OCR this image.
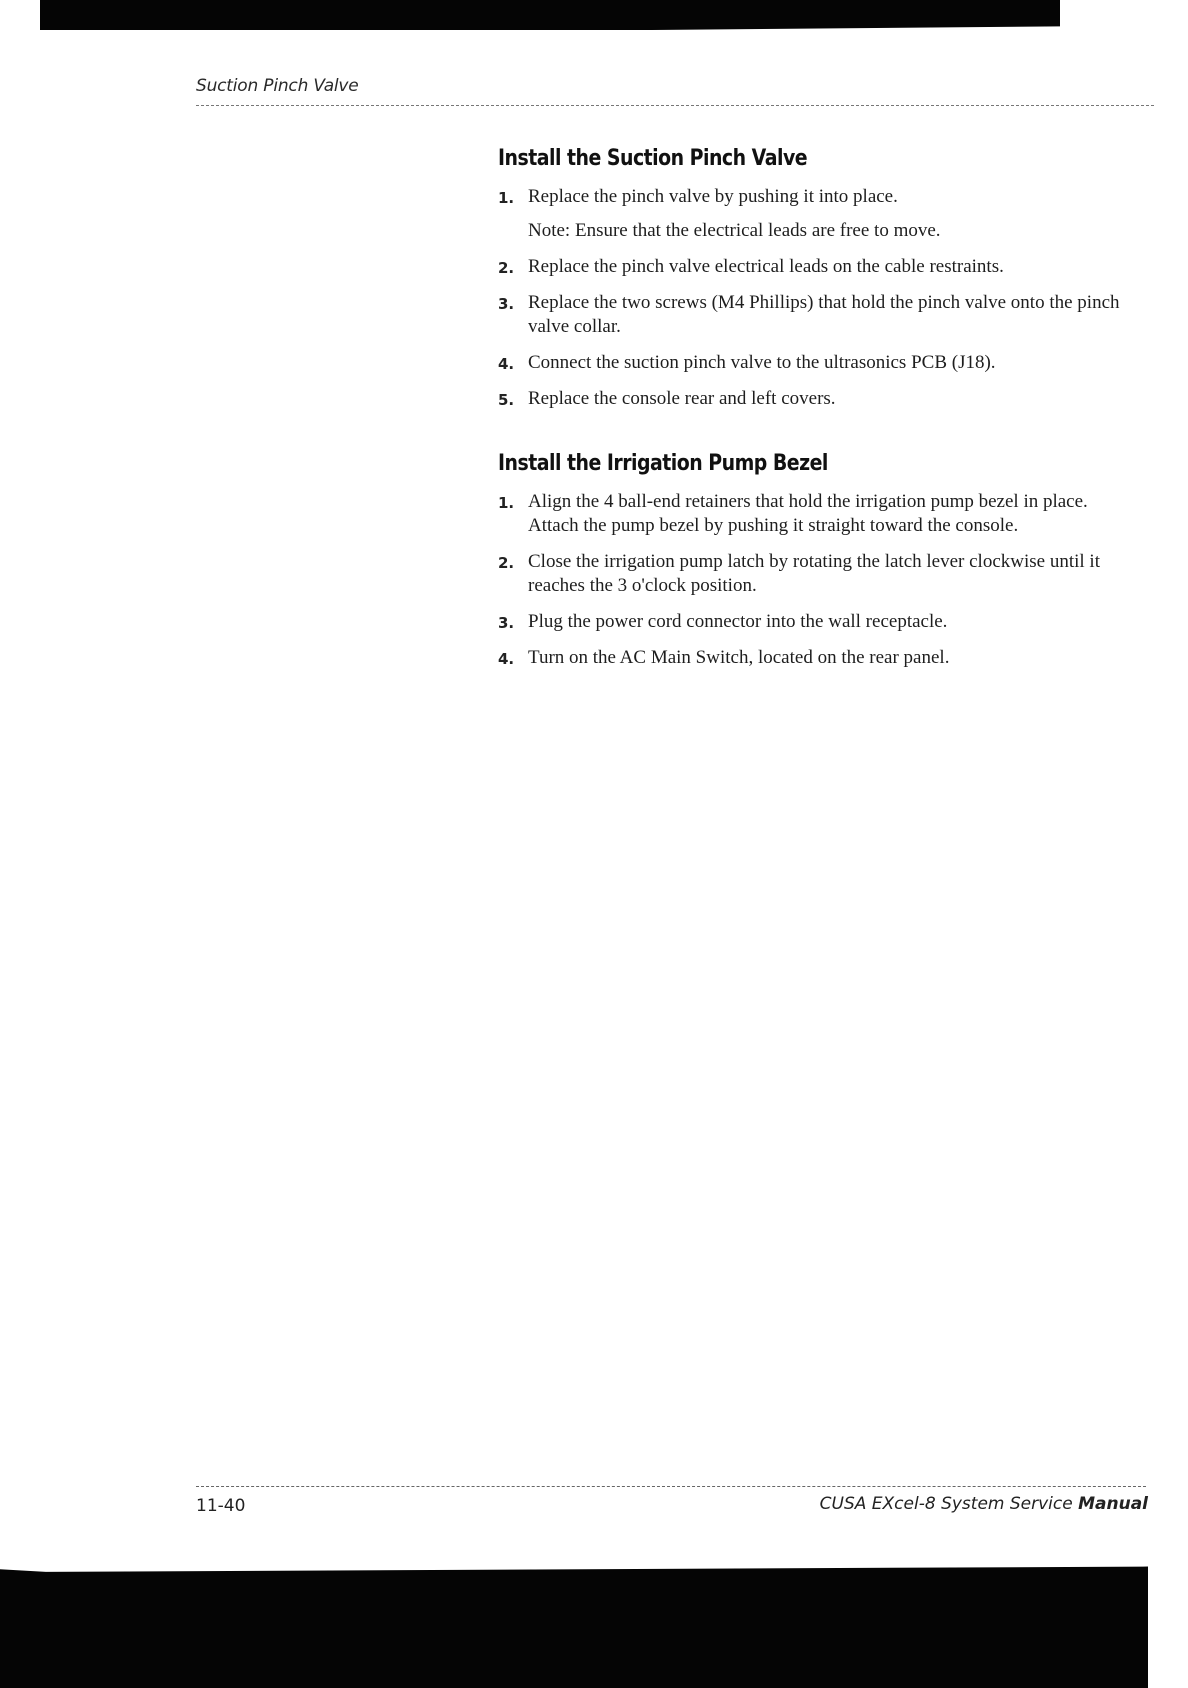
Suction Pinch Valve
Install the Suction Pinch Valve
1. Replace the pinch valve by pushing it into place.
Note: Ensure that the electrical leads are free to move.
2. Replace the pinch valve electrical leads on the cable restraints.
3. Replace the two screws (M4 Phillips) that hold the pinch valve onto the pinch valve collar.
4. Connect the suction pinch valve to the ultrasonics PCB (J18).
5. Replace the console rear and left covers.
Install the Irrigation Pump Bezel
1. Align the 4 ball-end retainers that hold the irrigation pump bezel in place. Attach the pump bezel by pushing it straight toward the console.
2. Close the irrigation pump latch by rotating the latch lever clockwise until it reaches the 3 o'clock position.
3. Plug the power cord connector into the wall receptacle.
4. Turn on the AC Main Switch, located on the rear panel.
11-40	CUSA EXcel-8 System Service Manual
